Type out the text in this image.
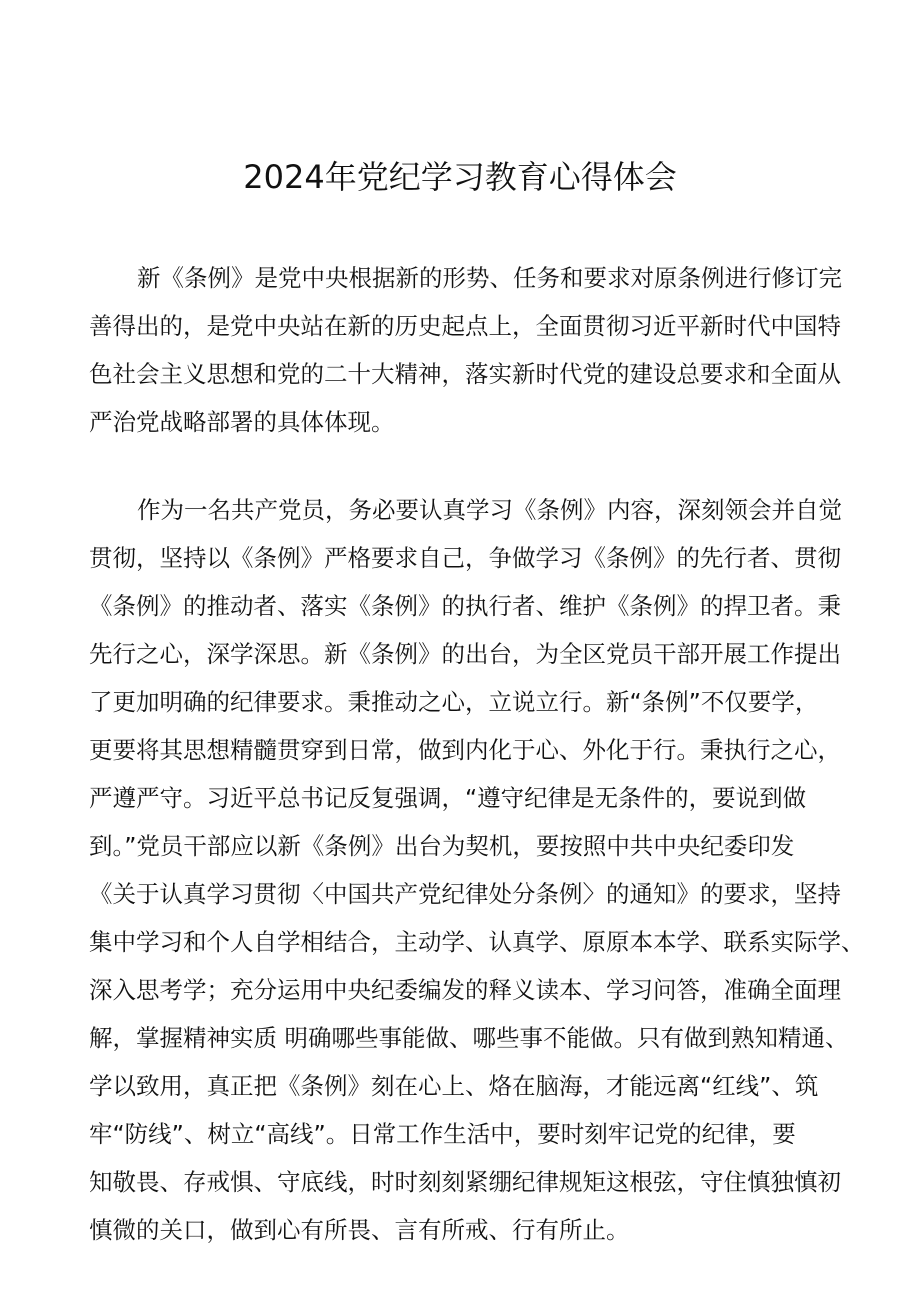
2024年党纪学习教育心得体会
新《条例》是党中央根据新的形势、任务和要求对原条例进行修订完
善得出的，是党中央站在新的历史起点上，全面贯彻习近平新时代中国特
色社会主义思想和党的二十大精神，落实新时代党的建设总要求和全面从
严治党战略部署的具体体现。
作为一名共产党员，务必要认真学习《条例》内容，深刻领会并自觉
贯彻，坚持以《条例》严格要求自己，争做学习《条例》的先行者、贯彻
《条例》的推动者、落实《条例》的执行者、维护《条例》的捍卫者。秉
先行之心，深学深思。新《条例》的出台，为全区党员干部开展工作提出
了更加明确的纪律要求。秉推动之心，立说立行。新“条例”不仅要学，
更要将其思想精髓贯穿到日常，做到内化于心、外化于行。秉执行之心，
严遵严守。习近平总书记反复强调，“遵守纪律是无条件的，要说到做
到。”党员干部应以新《条例》出台为契机，要按照中共中央纪委印发
《关于认真学习贯彻〈中国共产党纪律处分条例〉的通知》的要求，坚持
集中学习和个人自学相结合，主动学、认真学、原原本本学、联系实际学、
深入思考学；充分运用中央纪委编发的释义读本、学习问答，准确全面理
解，掌握精神实质 明确哪些事能做、哪些事不能做。只有做到熟知精通、
学以致用，真正把《条例》刻在心上、烙在脑海，才能远离“红线”、筑
牢“防线”、树立“高线”。日常工作生活中，要时刻牢记党的纪律，要
知敬畏、存戒惧、守底线，时时刻刻紧绷纪律规矩这根弦，守住慎独慎初
慎微的关口，做到心有所畏、言有所戒、行有所止。
